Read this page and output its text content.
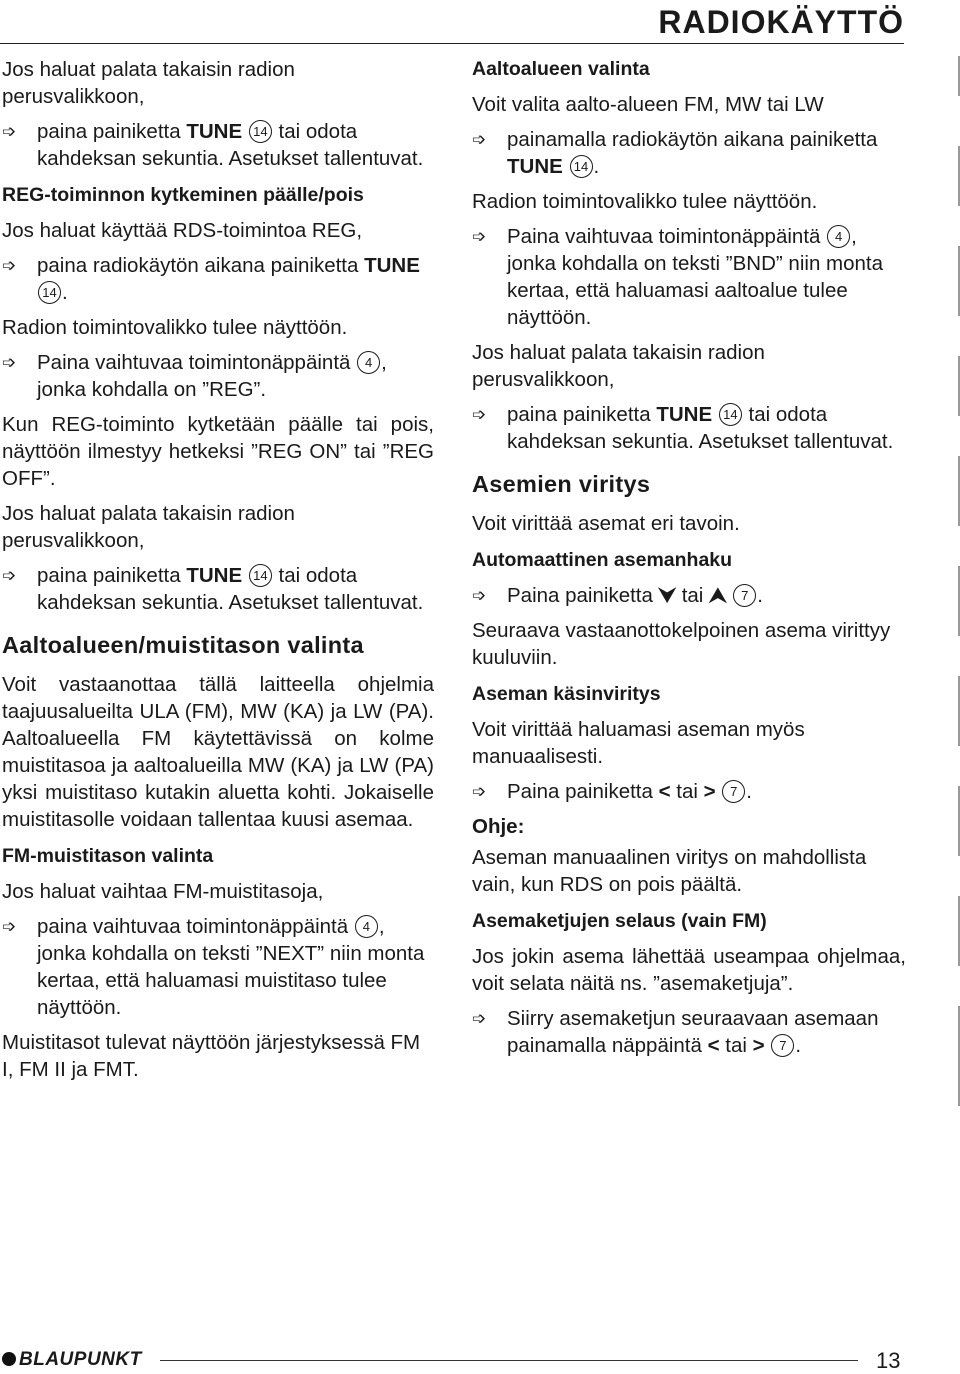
RADIOKÄYTTÖ

Jos haluat palata takaisin radion perusvalikkoon,

➩	paina painiketta TUNE 14 tai odota kahdeksan sekuntia. Asetukset tallentuvat.
REG-toiminnon kytkeminen päälle/pois

Jos haluat käyttää RDS-toimintoa REG,

➩	paina radiokäytön aikana painiketta TUNE 14 .

Radion toimintovalikko tulee näyttöön.

➩	Paina vaihtuvaa toimintonäppäintä 4 , jonka kohdalla on ”REG”.

Kun REG-toiminto kytketään päälle tai pois, näyttöön ilmestyy hetkeksi ”REG ON” tai ”REG OFF”.

Jos haluat palata takaisin radion perusvalikkoon,

➩	paina painiketta TUNE 14 tai odota kahdeksan sekuntia. Asetukset tallentuvat.
Aaltoalueen/muistitason valinta

Voit vastaanottaa tällä laitteella ohjelmia taajuusalueilta ULA (FM), MW (KA) ja LW (PA). Aaltoalueella FM käytettävissä on kolme muistitasoa ja aaltoalueilla MW (KA) ja LW (PA) yksi muistitaso kutakin aluetta kohti. Jokaiselle muistitasolle voidaan tallentaa kuusi asemaa.

FM-muistitason valinta

Jos haluat vaihtaa FM-muistitasoja,

➩	paina vaihtuvaa toimintonäppäintä 4 , jonka kohdalla on teksti ”NEXT” niin monta kertaa, että haluamasi muistitaso tulee näyttöön.

Muistitasot tulevat näyttöön järjestyksessä FM I, FM II ja FMT.

Aaltoalueen valinta

Voit valita aalto-alueen FM, MW tai LW

➩	painamalla radiokäytön aikana painiketta TUNE 14 .

Radion toimintovalikko tulee näyttöön.

➩	Paina vaihtuvaa toimintonäppäintä 4 , jonka kohdalla on teksti ”BND” niin monta kertaa, että haluamasi aaltoalue tulee näyttöön.

Jos haluat palata takaisin radion perusvalikkoon,

➩	paina painiketta TUNE 14 tai odota kahdeksan sekuntia. Asetukset tallentuvat.
Asemien viritys

Voit virittää asemat eri tavoin.

Automaattinen asemanhaku
➩	Paina painiketta ⮟ tai ⮝ 7 .

Seuraava vastaanottokelpoinen asema virittyy kuuluviin.

Aseman käsinviritys

Voit virittää haluamasi aseman myös manuaalisesti.

➩	Paina painiketta < tai > 7 .
Ohje:

Aseman manuaalinen viritys on mahdollista vain, kun RDS on pois päältä.

Asemaketjujen selaus (vain FM)

Jos jokin asema lähettää useampaa ohjelmaa, voit selata näitä ns. ”asemaketjuja”.

➩	Siirry asemaketjun seuraavaan asemaan painamalla näppäintä < tai > 7 .
BLAUPUNKT	13
